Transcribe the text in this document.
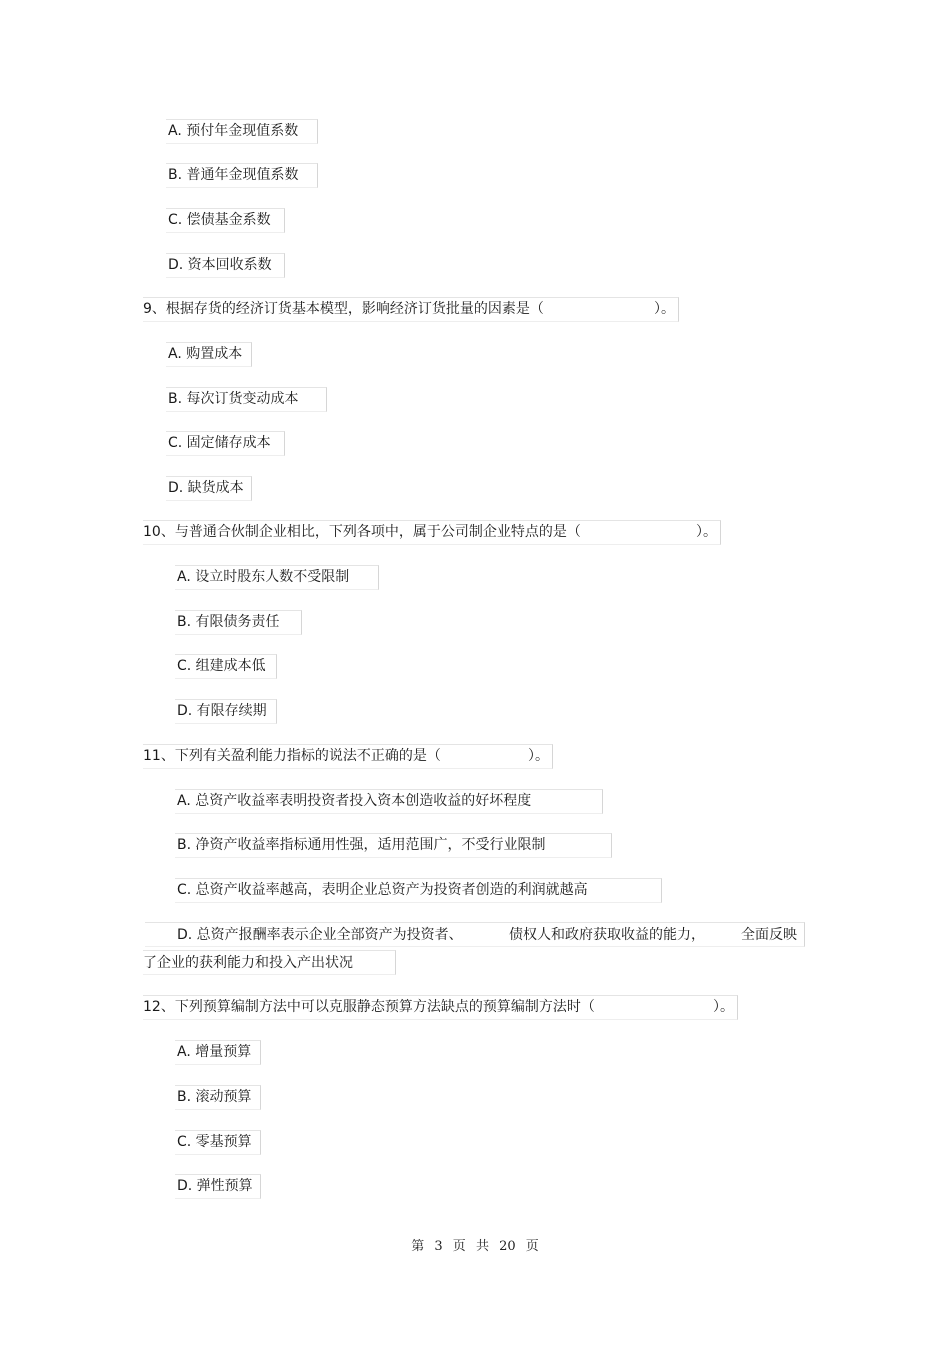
A. 预付年金现值系数
B. 普通年金现值系数
C. 偿债基金系数
D. 资本回收系数
9、根据存货的经济订货基本模型，影响经济订货批量的因素是（	）。
A. 购置成本
B. 每次订货变动成本
C. 固定储存成本
D. 缺货成本
10、与普通合伙制企业相比，下列各项中，属于公司制企业特点的是（	）。
A. 设立时股东人数不受限制
B. 有限债务责任
C. 组建成本低
D. 有限存续期
11、下列有关盈利能力指标的说法不正确的是（	）。
A. 总资产收益率表明投资者投入资本创造收益的好坏程度
B. 净资产收益率指标通用性强，适用范围广，不受行业限制
C. 总资产收益率越高，表明企业总资产为投资者创造的利润就越高
D. 总资产报酬率表示企业全部资产为投资者、	债权人和政府获取收益的能力，	全面反映
了企业的获利能力和投入产出状况
12、下列预算编制方法中可以克服静态预算方法缺点的预算编制方法时（	）。
A. 增量预算
B. 滚动预算
C. 零基预算
D. 弹性预算
第 3 页 共 20 页
